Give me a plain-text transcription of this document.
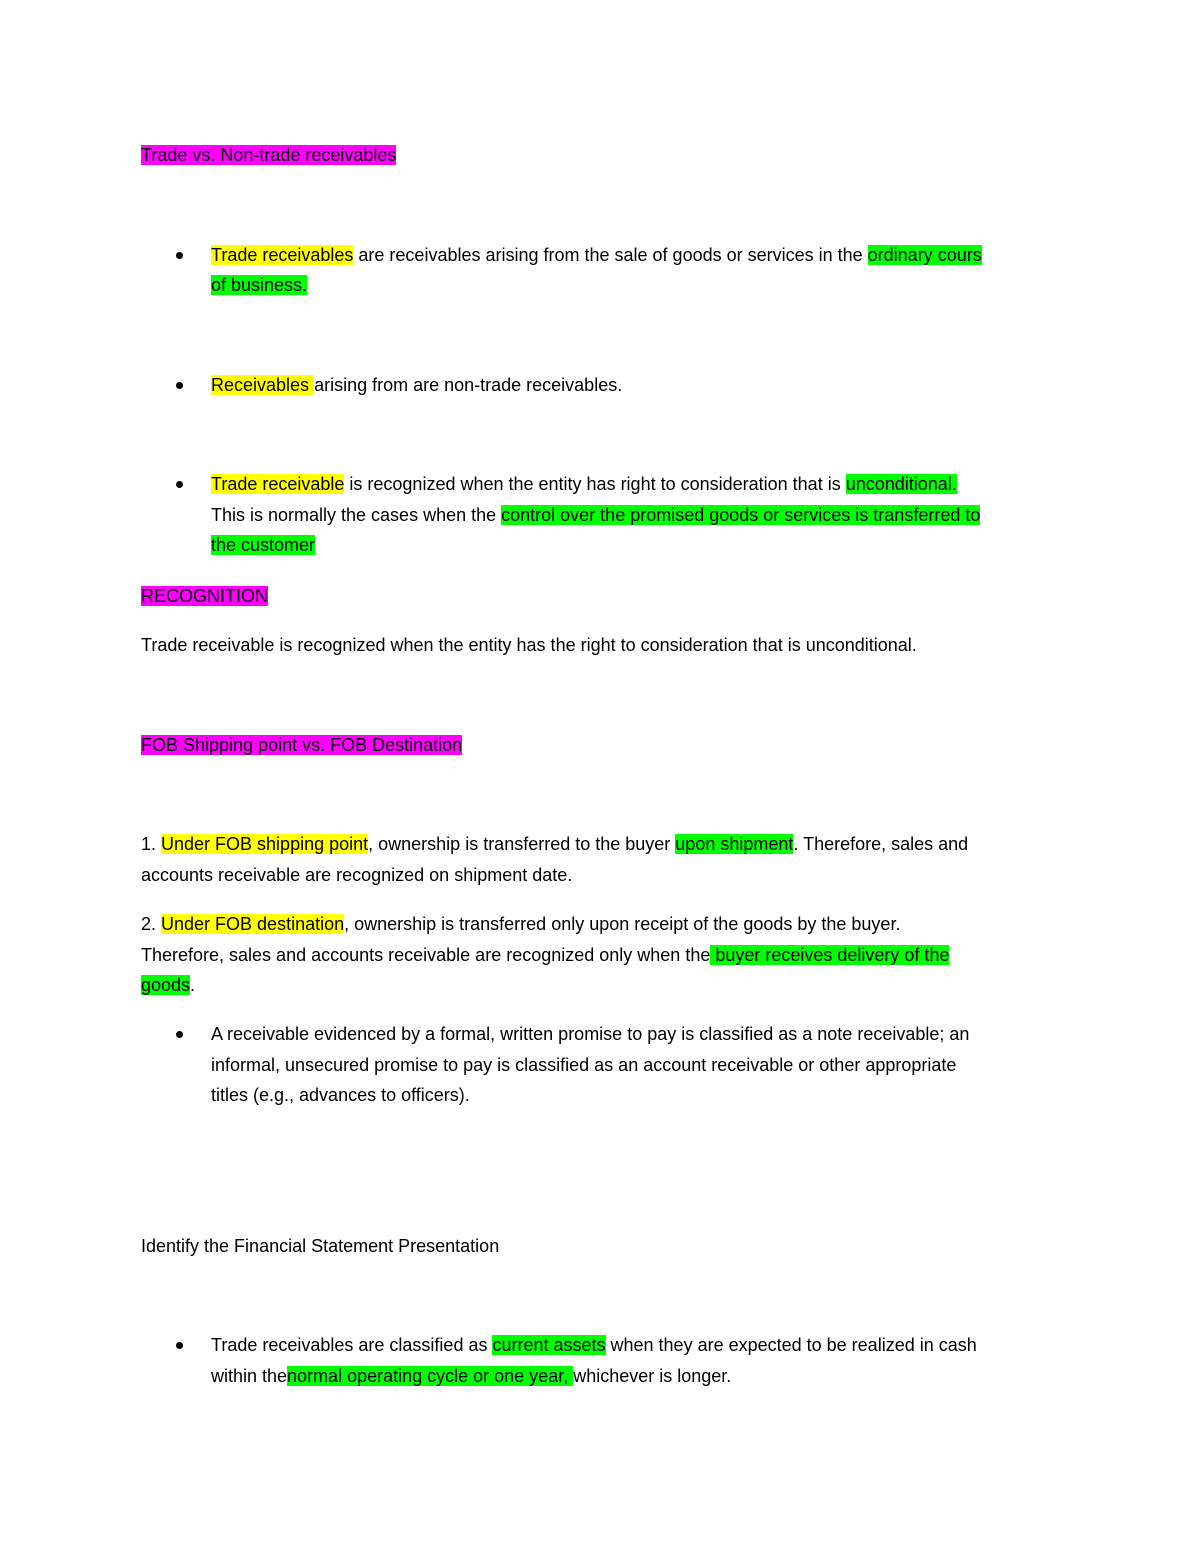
Trade vs. Non-trade receivables
Trade receivables are receivables arising from the sale of goods or services in the ordinary cours
of business.
Receivables arising from are non-trade receivables.
Trade receivable is recognized when the entity has right to consideration that is unconditional.
This is normally the cases when the control over the promised goods or services is transferred to
the customer
RECOGNITION
Trade receivable is recognized when the entity has the right to consideration that is unconditional.
FOB Shipping point vs. FOB Destination
1. Under FOB shipping point, ownership is transferred to the buyer upon shipment. Therefore, sales and
accounts receivable are recognized on shipment date.
2. Under FOB destination, ownership is transferred only upon receipt of the goods by the buyer.
Therefore, sales and accounts receivable are recognized only when the buyer receives delivery of the
goods.
A receivable evidenced by a formal, written promise to pay is classified as a note receivable; an
informal, unsecured promise to pay is classified as an account receivable or other appropriate
titles (e.g., advances to officers).
Identify the Financial Statement Presentation
Trade receivables are classified as current assets when they are expected to be realized in cash
within thenormal operating cycle or one year, whichever is longer.
